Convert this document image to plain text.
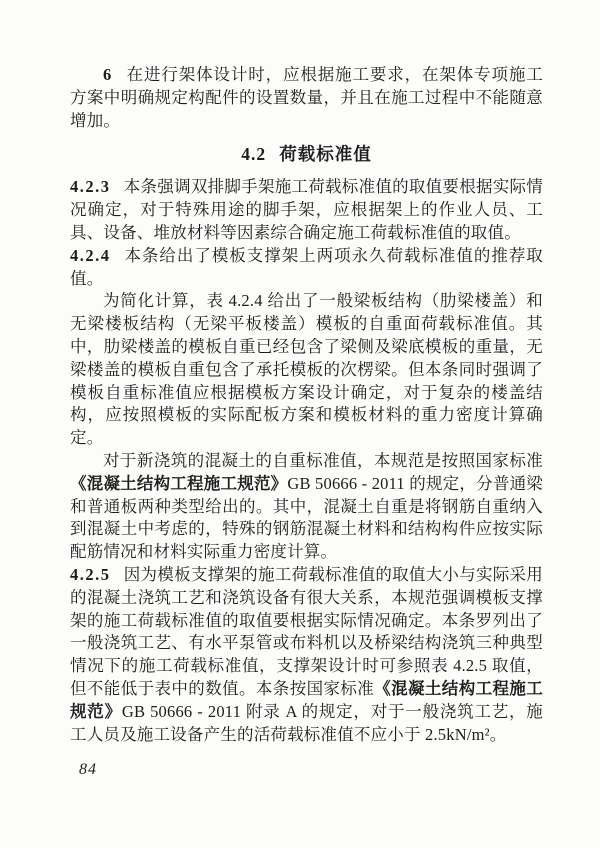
6 在进行架体设计时，应根据施工要求，在架体专项施工方案中明确规定构配件的设置数量，并且在施工过程中不能随意增加。

4.2 荷载标准值

4.2.3 本条强调双排脚手架施工荷载标准值的取值要根据实际情况确定，对于特殊用途的脚手架，应根据架上的作业人员、工具、设备、堆放材料等因素综合确定施工荷载标准值的取值。

4.2.4 本条给出了模板支撑架上两项永久荷载标准值的推荐取值。

为简化计算，表 4.2.4 给出了一般梁板结构（肋梁楼盖）和无梁楼板结构（无梁平板楼盖）模板的自重面荷载标准值。其中，肋梁楼盖的模板自重已经包含了梁侧及梁底模板的重量，无梁楼盖的模板自重包含了承托模板的次楞梁。但本条同时强调了模板自重标准值应根据模板方案设计确定，对于复杂的楼盖结构，应按照模板的实际配板方案和模板材料的重力密度计算确定。

对于新浇筑的混凝土的自重标准值，本规范是按照国家标准《混凝土结构工程施工规范》GB 50666 - 2011 的规定，分普通梁和普通板两种类型给出的。其中，混凝土自重是将钢筋自重纳入到混凝土中考虑的，特殊的钢筋混凝土材料和结构构件应按实际配筋情况和材料实际重力密度计算。

4.2.5 因为模板支撑架的施工荷载标准值的取值大小与实际采用的混凝土浇筑工艺和浇筑设备有很大关系，本规范强调模板支撑架的施工荷载标准值的取值要根据实际情况确定。本条罗列出了一般浇筑工艺、有水平泵管或布料机以及桥梁结构浇筑三种典型情况下的施工荷载标准值，支撑架设计时可参照表 4.2.5 取值，但不能低于表中的数值。本条按国家标准《混凝土结构工程施工规范》GB 50666 - 2011 附录 A 的规定，对于一般浇筑工艺，施工人员及施工设备产生的活荷载标准值不应小于 2.5kN/m²。

84
